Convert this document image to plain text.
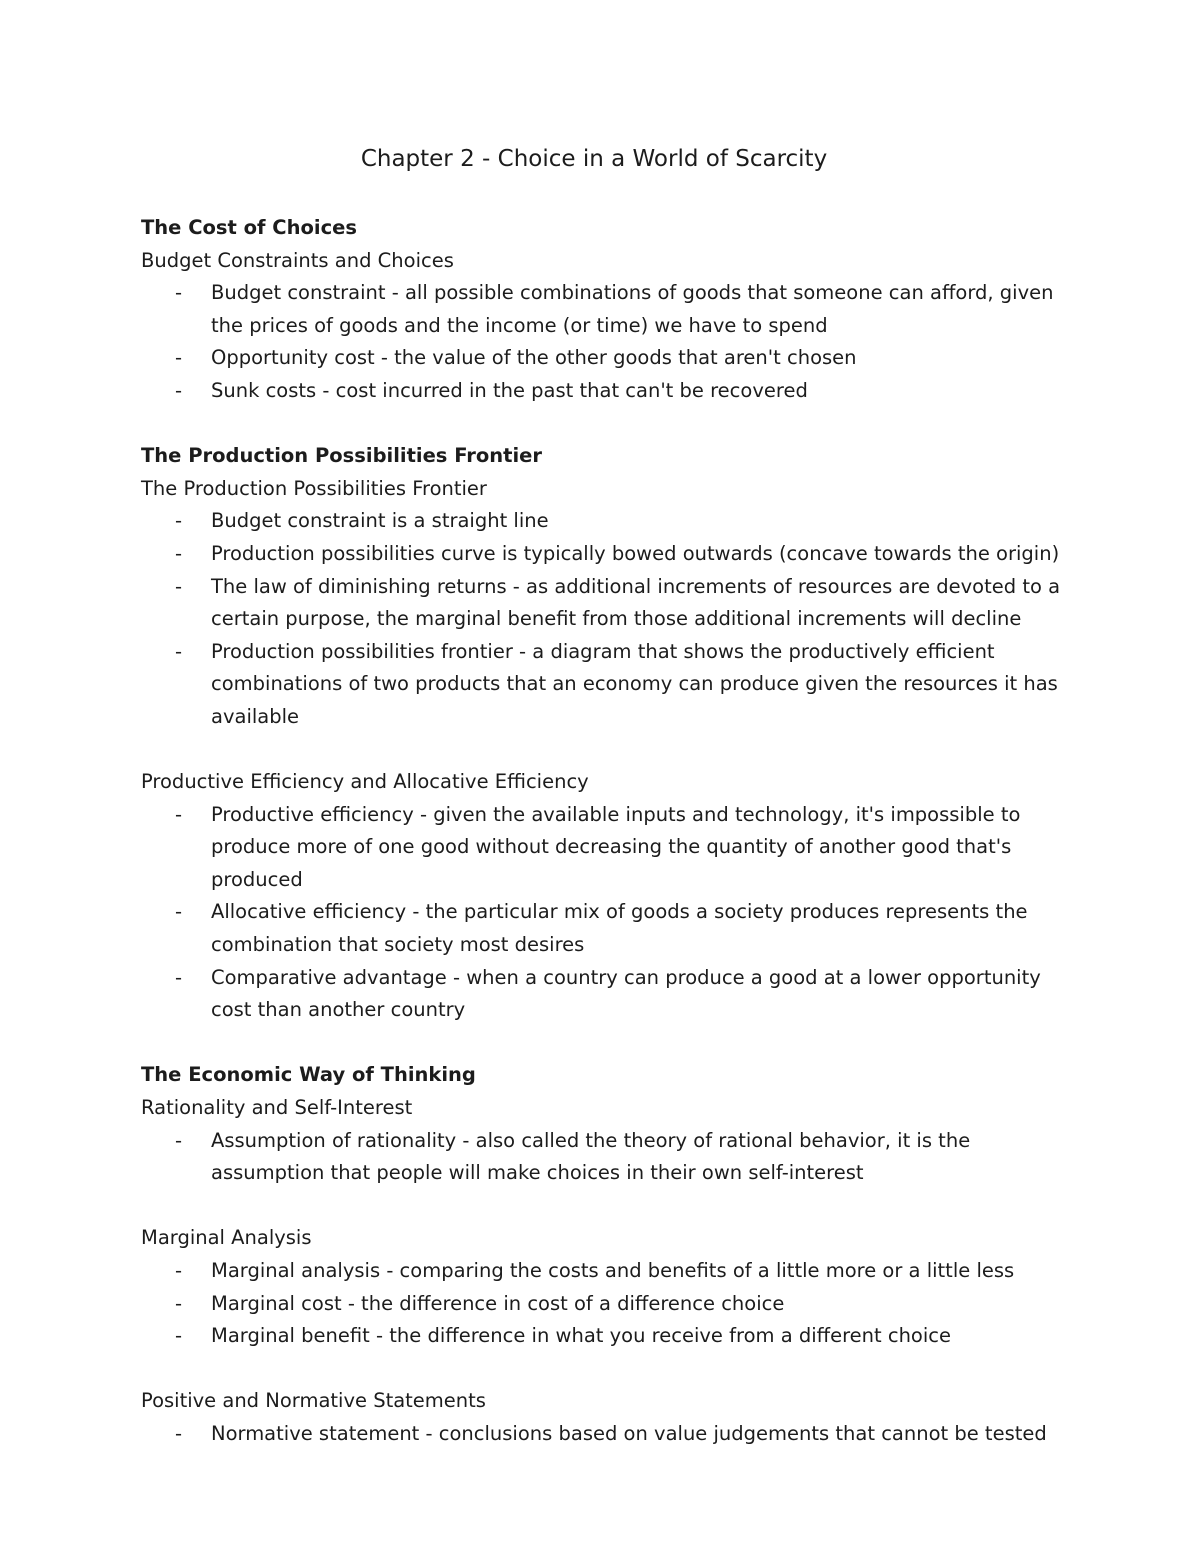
Chapter 2 - Choice in a World of Scarcity
The Cost of Choices

Budget Constraints and Choices

- Budget constraint - all possible combinations of goods that someone can afford, given the prices of goods and the income (or time) we have to spend
- Opportunity cost - the value of the other goods that aren't chosen
- Sunk costs - cost incurred in the past that can't be recovered
The Production Possibilities Frontier

The Production Possibilities Frontier

- Budget constraint is a straight line
- Production possibilities curve is typically bowed outwards (concave towards the origin)
- The law of diminishing returns - as additional increments of resources are devoted to a certain purpose, the marginal benefit from those additional increments will decline
- Production possibilities frontier - a diagram that shows the productively efficient combinations of two products that an economy can produce given the resources it has available

Productive Efficiency and Allocative Efficiency

- Productive efficiency - given the available inputs and technology, it's impossible to produce more of one good without decreasing the quantity of another good that's produced
- Allocative efficiency - the particular mix of goods a society produces represents the combination that society most desires
- Comparative advantage - when a country can produce a good at a lower opportunity cost than another country
The Economic Way of Thinking

Rationality and Self-Interest

- Assumption of rationality - also called the theory of rational behavior, it is the assumption that people will make choices in their own self-interest

Marginal Analysis

- Marginal analysis - comparing the costs and benefits of a little more or a little less
- Marginal cost - the difference in cost of a difference choice
- Marginal benefit - the difference in what you receive from a different choice

Positive and Normative Statements

- Normative statement - conclusions based on value judgements that cannot be tested
